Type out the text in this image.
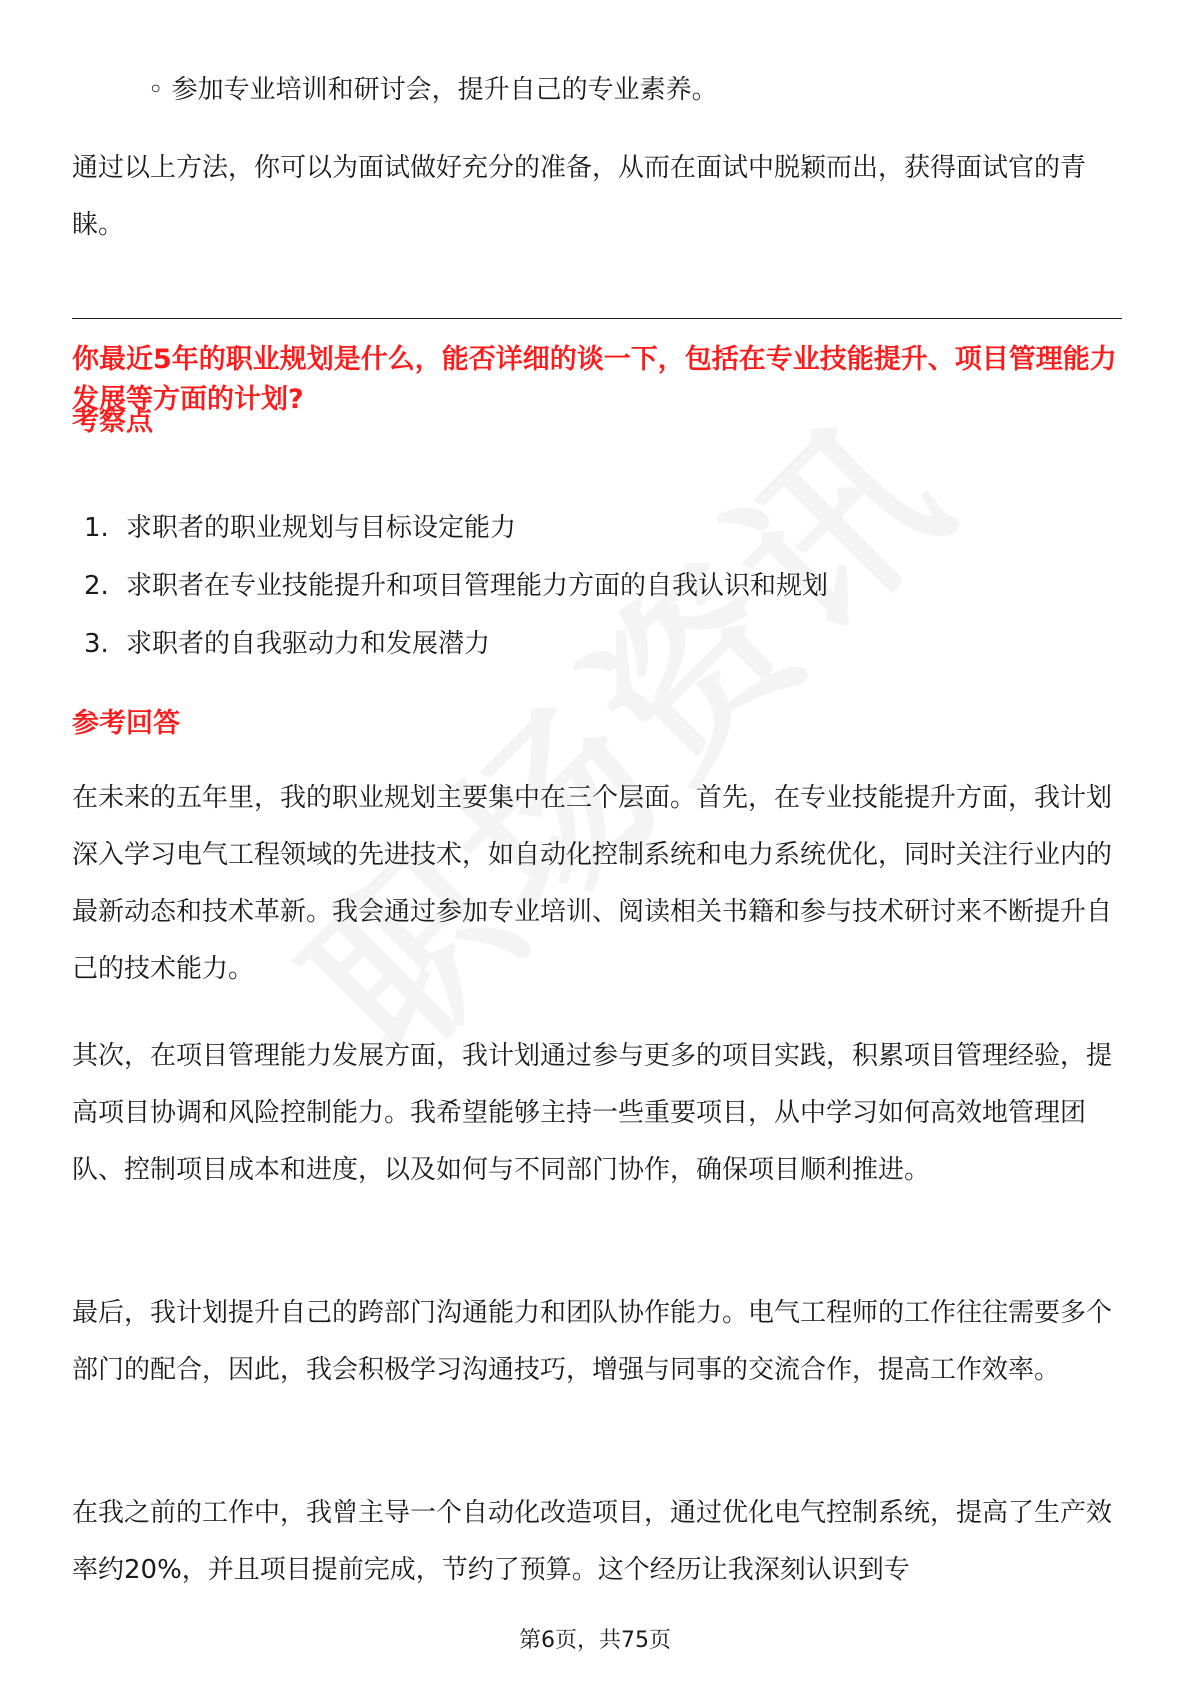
◦ 参加专业培训和研讨会，提升自己的专业素养。

通过以上方法，你可以为面试做好充分的准备，从而在面试中脱颖而出，获得面试官的青睐。

你最近5年的职业规划是什么，能否详细的谈一下，包括在专业技能提升、项目管理能力发展等方面的计划?

考察点
1. 求职者的职业规划与目标设定能力
2. 求职者在专业技能提升和项目管理能力方面的自我认识和规划
3. 求职者的自我驱动力和发展潜力
参考回答

在未来的五年里，我的职业规划主要集中在三个层面。首先，在专业技能提升方面，我计划深入学习电气工程领域的先进技术，如自动化控制系统和电力系统优化，同时关注行业内的最新动态和技术革新。我会通过参加专业培训、阅读相关书籍和参与技术研讨来不断提升自己的技术能力。

其次，在项目管理能力发展方面，我计划通过参与更多的项目实践，积累项目管理经验，提高项目协调和风险控制能力。我希望能够主持一些重要项目，从中学习如何高效地管理团队、控制项目成本和进度，以及如何与不同部门协作，确保项目顺利推进。

最后，我计划提升自己的跨部门沟通能力和团队协作能力。电气工程师的工作往往需要多个部门的配合，因此，我会积极学习沟通技巧，增强与同事的交流合作，提高工作效率。

在我之前的工作中，我曾主导一个自动化改造项目，通过优化电气控制系统，提高了生产效率约20%，并且项目提前完成，节约了预算。这个经历让我深刻认识到专

第6页，共75页
